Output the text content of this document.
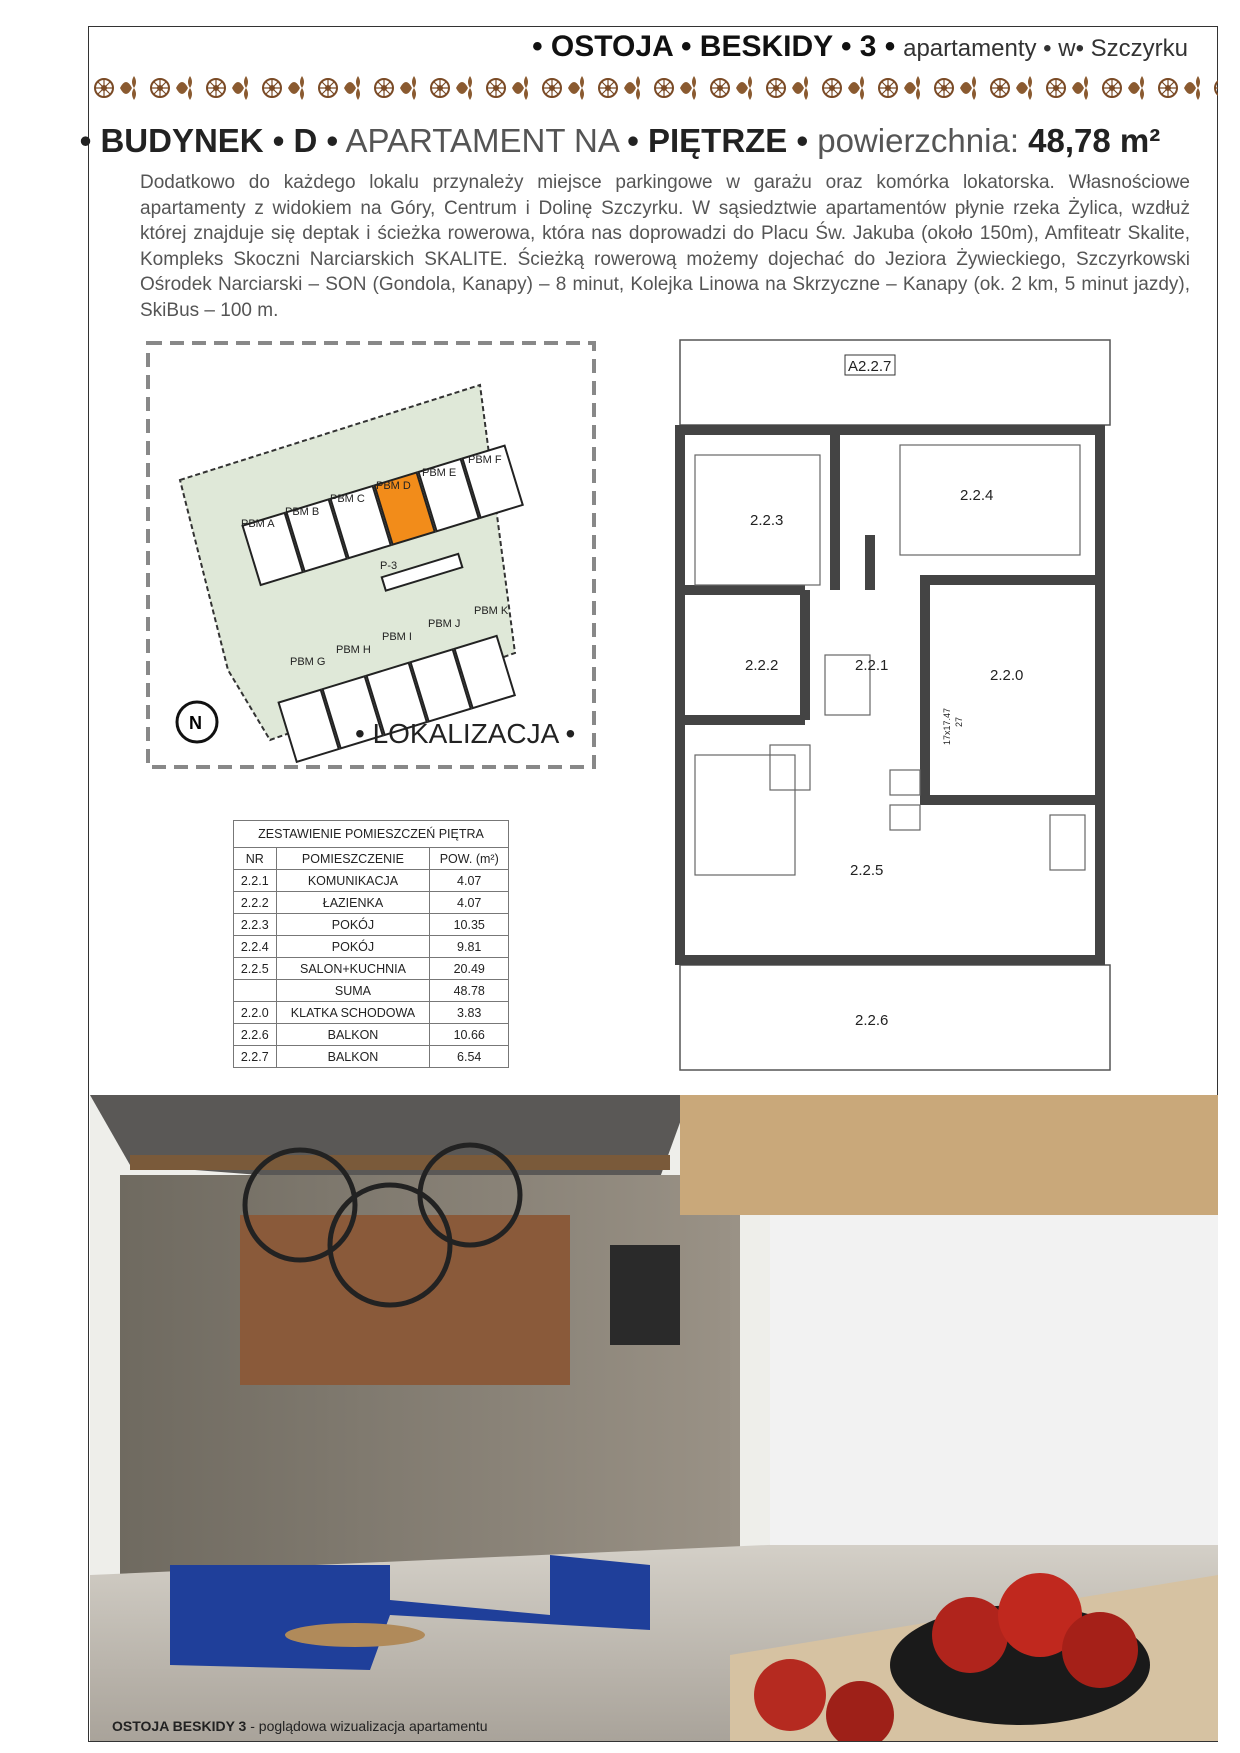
• OSTOJA • BESKIDY • 3 • apartamenty • w• Szczyrku
• BUDYNEK • D • APARTAMENT NA • PIĘTRZE • powierzchnia: 48,78 m²
Dodatkowo do każdego lokalu przynależy miejsce parkingowe w garażu oraz komórka lokatorska. Własnościowe apartamenty z widokiem na Góry, Centrum i Dolinę Szczyrku. W sąsiedztwie apartamentów płynie rzeka Żylica, wzdłuż której znajduje się deptak i ścieżka rowerowa, która nas doprowadzi do Placu Św. Jakuba (około 150m), Amfiteatr Skalite, Kompleks Skoczni Narciarskich SKALITE. Ścieżką rowerową możemy dojechać do Jeziora Żywieckiego, Szczyrkowski Ośrodek Narciarski – SON (Gondola, Kanapy) – 8 minut, Kolejka Linowa na Skrzyczne – Kanapy (ok. 2 km, 5 minut jazdy), SkiBus – 100 m.
PBM A
PBM B
PBM C
PBM D
PBM E
PBM F
PBM G
PBM H
PBM I
PBM J
PBM K
P-3
N	• LOKALIZACJA •
A2.2.7
2.2.3
2.2.4
2.2.2	2.2.1
2.2.0
2.2.5
2.2.6
17x17.47 27
ZESTAWIENIE POMIESZCZEŃ PIĘTRA
NR	POMIESZCZENIE	POW. (m²)
2.2.1	KOMUNIKACJA	4.07
2.2.2	ŁAZIENKA	4.07
2.2.3	POKÓJ	10.35
2.2.4	POKÓJ	9.81
2.2.5	SALON+KUCHNIA	20.49
	SUMA	48.78
2.2.0	KLATKA SCHODOWA	3.83
2.2.6	BALKON	10.66
2.2.7	BALKON	6.54
OSTOJA BESKIDY 3 - poglądowa wizualizacja apartamentu
